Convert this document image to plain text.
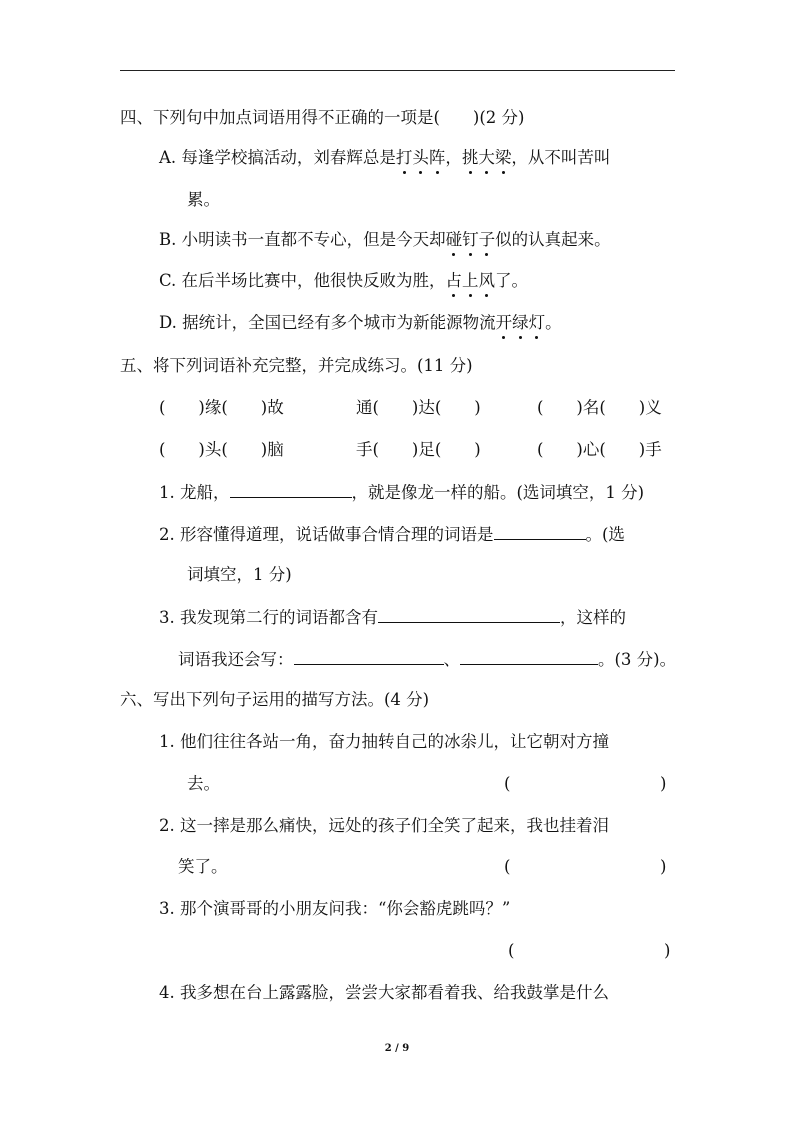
四、下列句中加点词语用得不正确的一项是(　　)(2 分)
A. 每逢学校搞活动，刘春辉总是打头阵，挑大梁，从不叫苦叫
累。
B. 小明读书一直都不专心，但是今天却碰钉子似的认真起来。
C. 在后半场比赛中，他很快反败为胜，占上风了。
D. 据统计，全国已经有多个城市为新能源物流开绿灯。
五、将下列词语补充完整，并完成练习。(11 分)
(　　)缘(　　)故	通(　　)达(　　)	(　　)名(　　)义
(　　)头(　　)脑	手(　　)足(　　)	(　　)心(　　)手
1. 龙船，	，就是像龙一样的船。(选词填空，1 分)
2. 形容懂得道理，说话做事合情合理的词语是	。(选
词填空，1 分)
3. 我发现第二行的词语都含有	，这样的
词语我还会写：	、	。(3 分)。
六、写出下列句子运用的描写方法。(4 分)
1. 他们往往各站一角，奋力抽转自己的冰尜儿，让它朝对方撞
去。	(	)
2. 这一摔是那么痛快，远处的孩子们全笑了起来，我也挂着泪
笑了。	(	)
3. 那个演哥哥的小朋友问我：“你会豁虎跳吗？”
(	)
4. 我多想在台上露露脸，尝尝大家都看着我、给我鼓掌是什么
2 / 9
